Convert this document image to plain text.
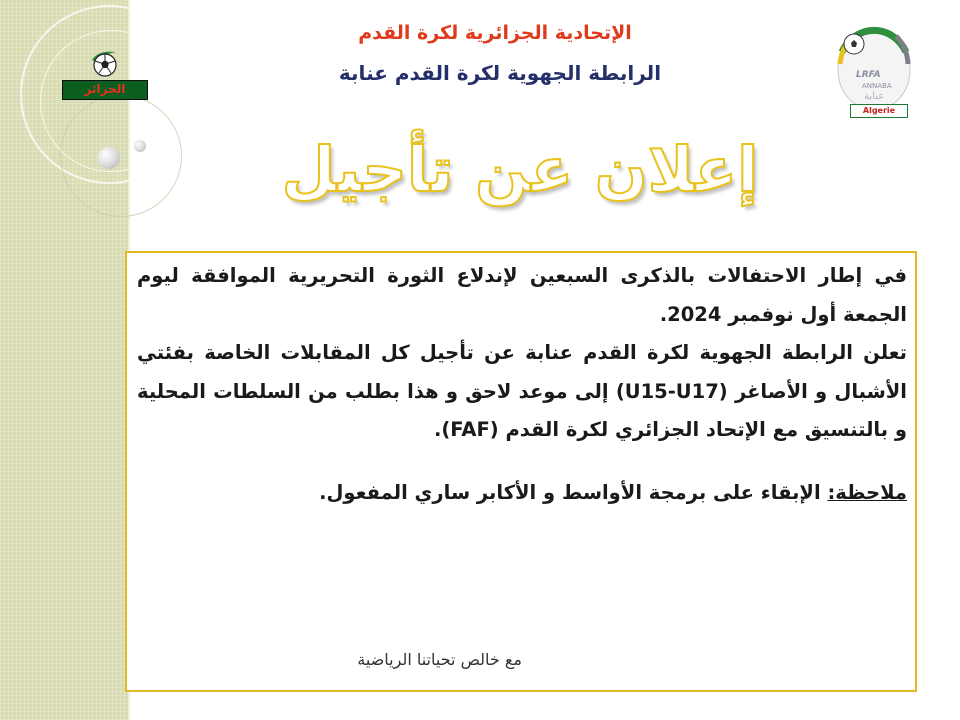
الجزائر
LRFA
ANNABA
عنابة
Algerie
الإتحادية الجزائرية لكرة القدم
الرابطة الجهوية لكرة القدم عنابة
إعلان عن تأجيل

في إطار الاحتفالات بالذكرى السبعين لإندلاع الثورة التحريرية الموافقة ليوم الجمعة أول نوفمبر 2024.

تعلن الرابطة الجهوية لكرة القدم عنابة عن تأجيل كل المقابلات الخاصة بفئتي الأشبال و الأصاغر (U15-U17) إلى موعد لاحق و هذا بطلب من السلطات المحلية و بالتنسيق مع الإتحاد الجزائري لكرة القدم (FAF).

ملاحظة: الإبقاء على برمجة الأواسط و الأكابر ساري المفعول.

مع خالص تحياتنا الرياضية
